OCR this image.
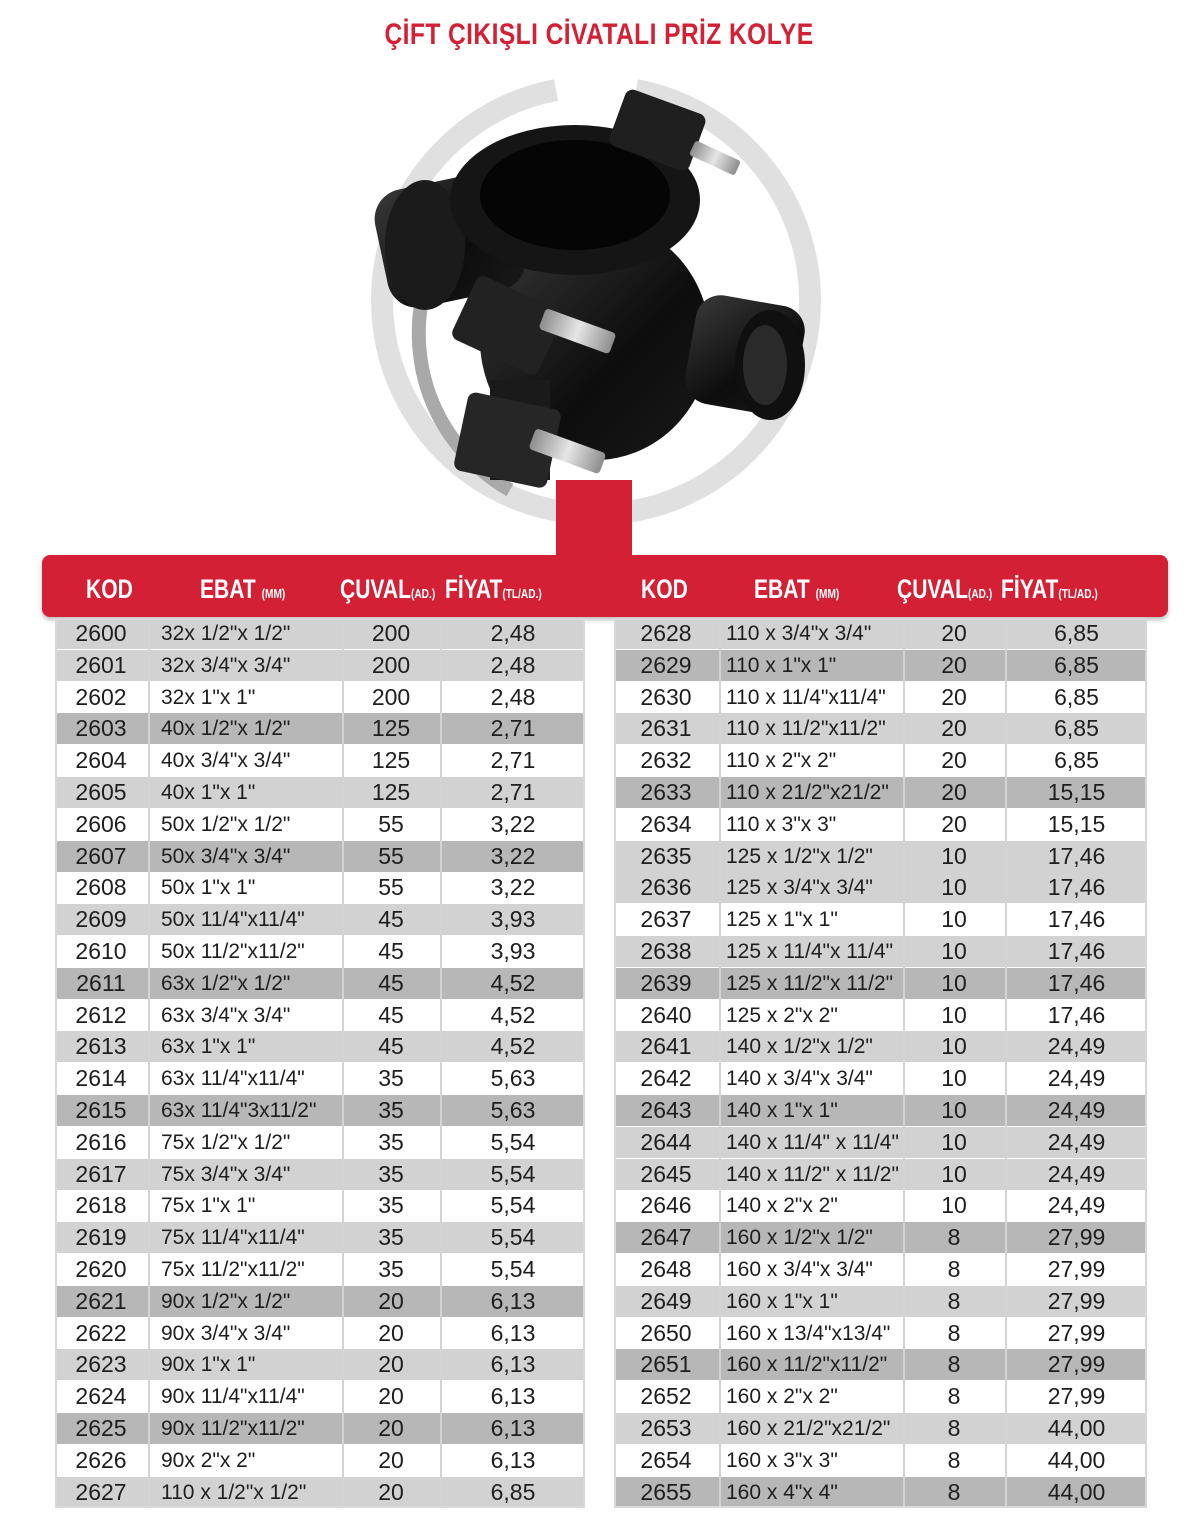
ÇİFT ÇIKIŞLI CİVATALI PRİZ KOLYE
KOD EBAT (MM) ÇUVAL(AD.) FİYAT(TL/AD.)	KOD EBAT (MM) ÇUVAL(AD.) FİYAT(TL/AD.)
2600	32x 1/2"x 1/2"	200	2,48
2601	32x 3/4"x 3/4"	200	2,48
2602	32x 1"x 1"	200	2,48
2603	40x 1/2"x 1/2"	125	2,71
2604	40x 3/4"x 3/4"	125	2,71
2605	40x 1"x 1"	125	2,71
2606	50x 1/2"x 1/2"	55	3,22
2607	50x 3/4"x 3/4"	55	3,22
2608	50x 1"x 1"	55	3,22
2609	50x 11/4"x11/4"	45	3,93
2610	50x 11/2"x11/2"	45	3,93
2611	63x 1/2"x 1/2"	45	4,52
2612	63x 3/4"x 3/4"	45	4,52
2613	63x 1"x 1"	45	4,52
2614	63x 11/4"x11/4"	35	5,63
2615	63x 11/4"3x11/2"	35	5,63
2616	75x 1/2"x 1/2"	35	5,54
2617	75x 3/4"x 3/4"	35	5,54
2618	75x 1"x 1"	35	5,54
2619	75x 11/4"x11/4"	35	5,54
2620	75x 11/2"x11/2"	35	5,54
2621	90x 1/2"x 1/2"	20	6,13
2622	90x 3/4"x 3/4"	20	6,13
2623	90x 1"x 1"	20	6,13
2624	90x 11/4"x11/4"	20	6,13
2625	90x 11/2"x11/2"	20	6,13
2626	90x 2"x 2"	20	6,13
2627	110 x 1/2"x 1/2"	20	6,85
2628	110 x 3/4"x 3/4"	20	6,85
2629	110 x 1"x 1"	20	6,85
2630	110 x 11/4"x11/4"	20	6,85
2631	110 x 11/2"x11/2"	20	6,85
2632	110 x 2"x 2"	20	6,85
2633	110 x 21/2"x21/2"	20	15,15
2634	110 x 3"x 3"	20	15,15
2635	125 x 1/2"x 1/2"	10	17,46
2636	125 x 3/4"x 3/4"	10	17,46
2637	125 x 1"x 1"	10	17,46
2638	125 x 11/4"x 11/4"	10	17,46
2639	125 x 11/2"x 11/2"	10	17,46
2640	125 x 2"x 2"	10	17,46
2641	140 x 1/2"x 1/2"	10	24,49
2642	140 x 3/4"x 3/4"	10	24,49
2643	140 x 1"x 1"	10	24,49
2644	140 x 11/4" x 11/4"	10	24,49
2645	140 x 11/2" x 11/2"	10	24,49
2646	140 x 2"x 2"	10	24,49
2647	160 x 1/2"x 1/2"	8	27,99
2648	160 x 3/4"x 3/4"	8	27,99
2649	160 x 1"x 1"	8	27,99
2650	160 x 13/4"x13/4"	8	27,99
2651	160 x 11/2"x11/2"	8	27,99
2652	160 x 2"x 2"	8	27,99
2653	160 x 21/2"x21/2"	8	44,00
2654	160 x 3"x 3"	8	44,00
2655	160 x 4"x 4"	8	44,00
